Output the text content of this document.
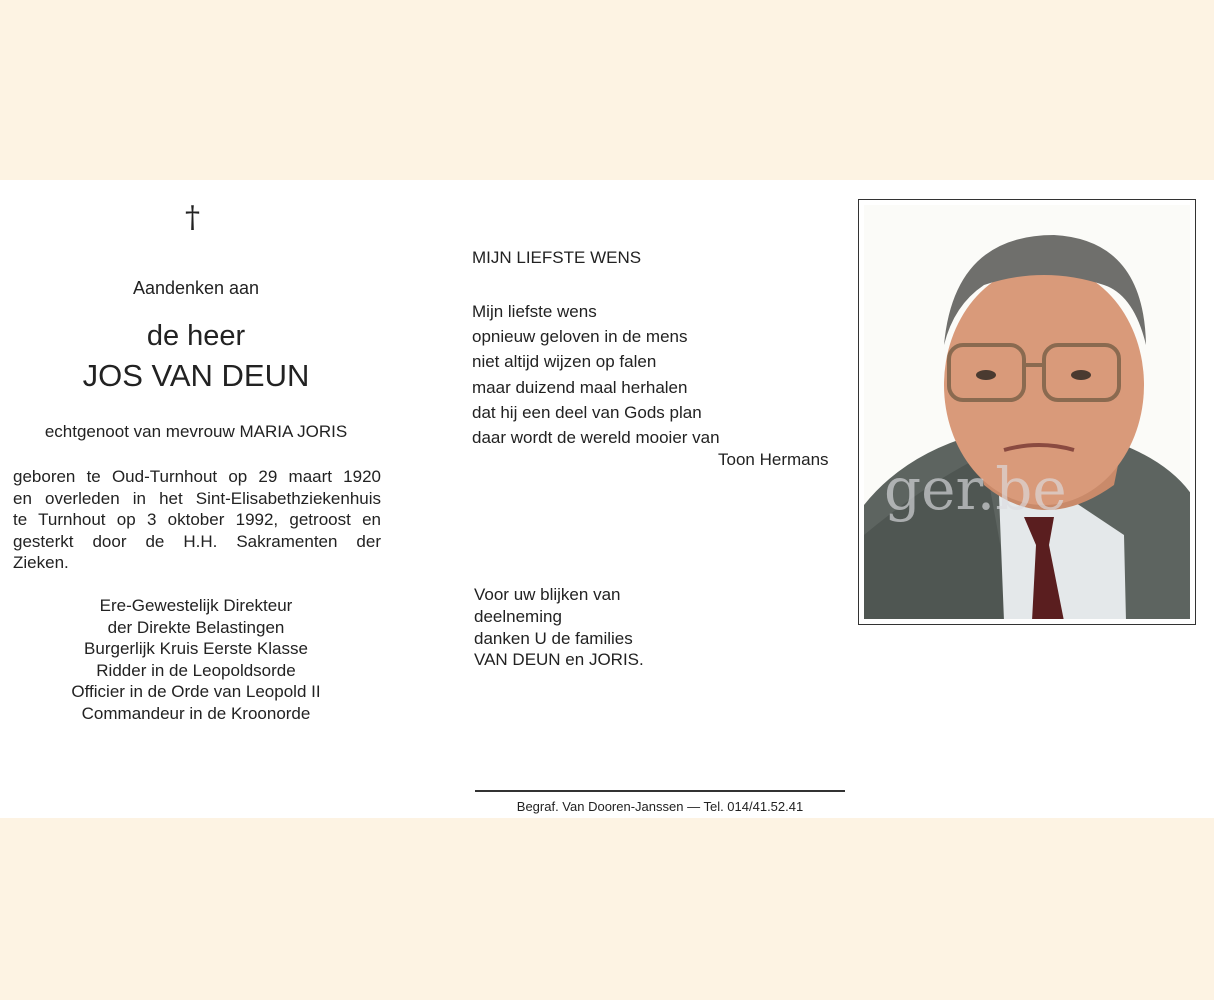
†
Aandenken aan
de heer
JOS VAN DEUN
echtgenoot van mevrouw MARIA JORIS
geboren te Oud-Turnhout op 29 maart 1920
en overleden in het Sint-Elisabethziekenhuis
te Turnhout op 3 oktober 1992, getroost en
gesterkt door de H.H. Sakramenten der
Zieken.
Ere-Gewestelijk Direkteur
der Direkte Belastingen
Burgerlijk Kruis Eerste Klasse
Ridder in de Leopoldsorde
Officier in de Orde van Leopold II
Commandeur in de Kroonorde
MIJN LIEFSTE WENS
Mijn liefste wens
opnieuw geloven in de mens
niet altijd wijzen op falen
maar duizend maal herhalen
dat hij een deel van Gods plan
daar wordt de wereld mooier van
Toon Hermans
Voor uw blijken van
deelneming
danken U de families
VAN DEUN en JORIS.
Begraf. Van Dooren-Janssen — Tel. 014/41.52.41
ger.be
